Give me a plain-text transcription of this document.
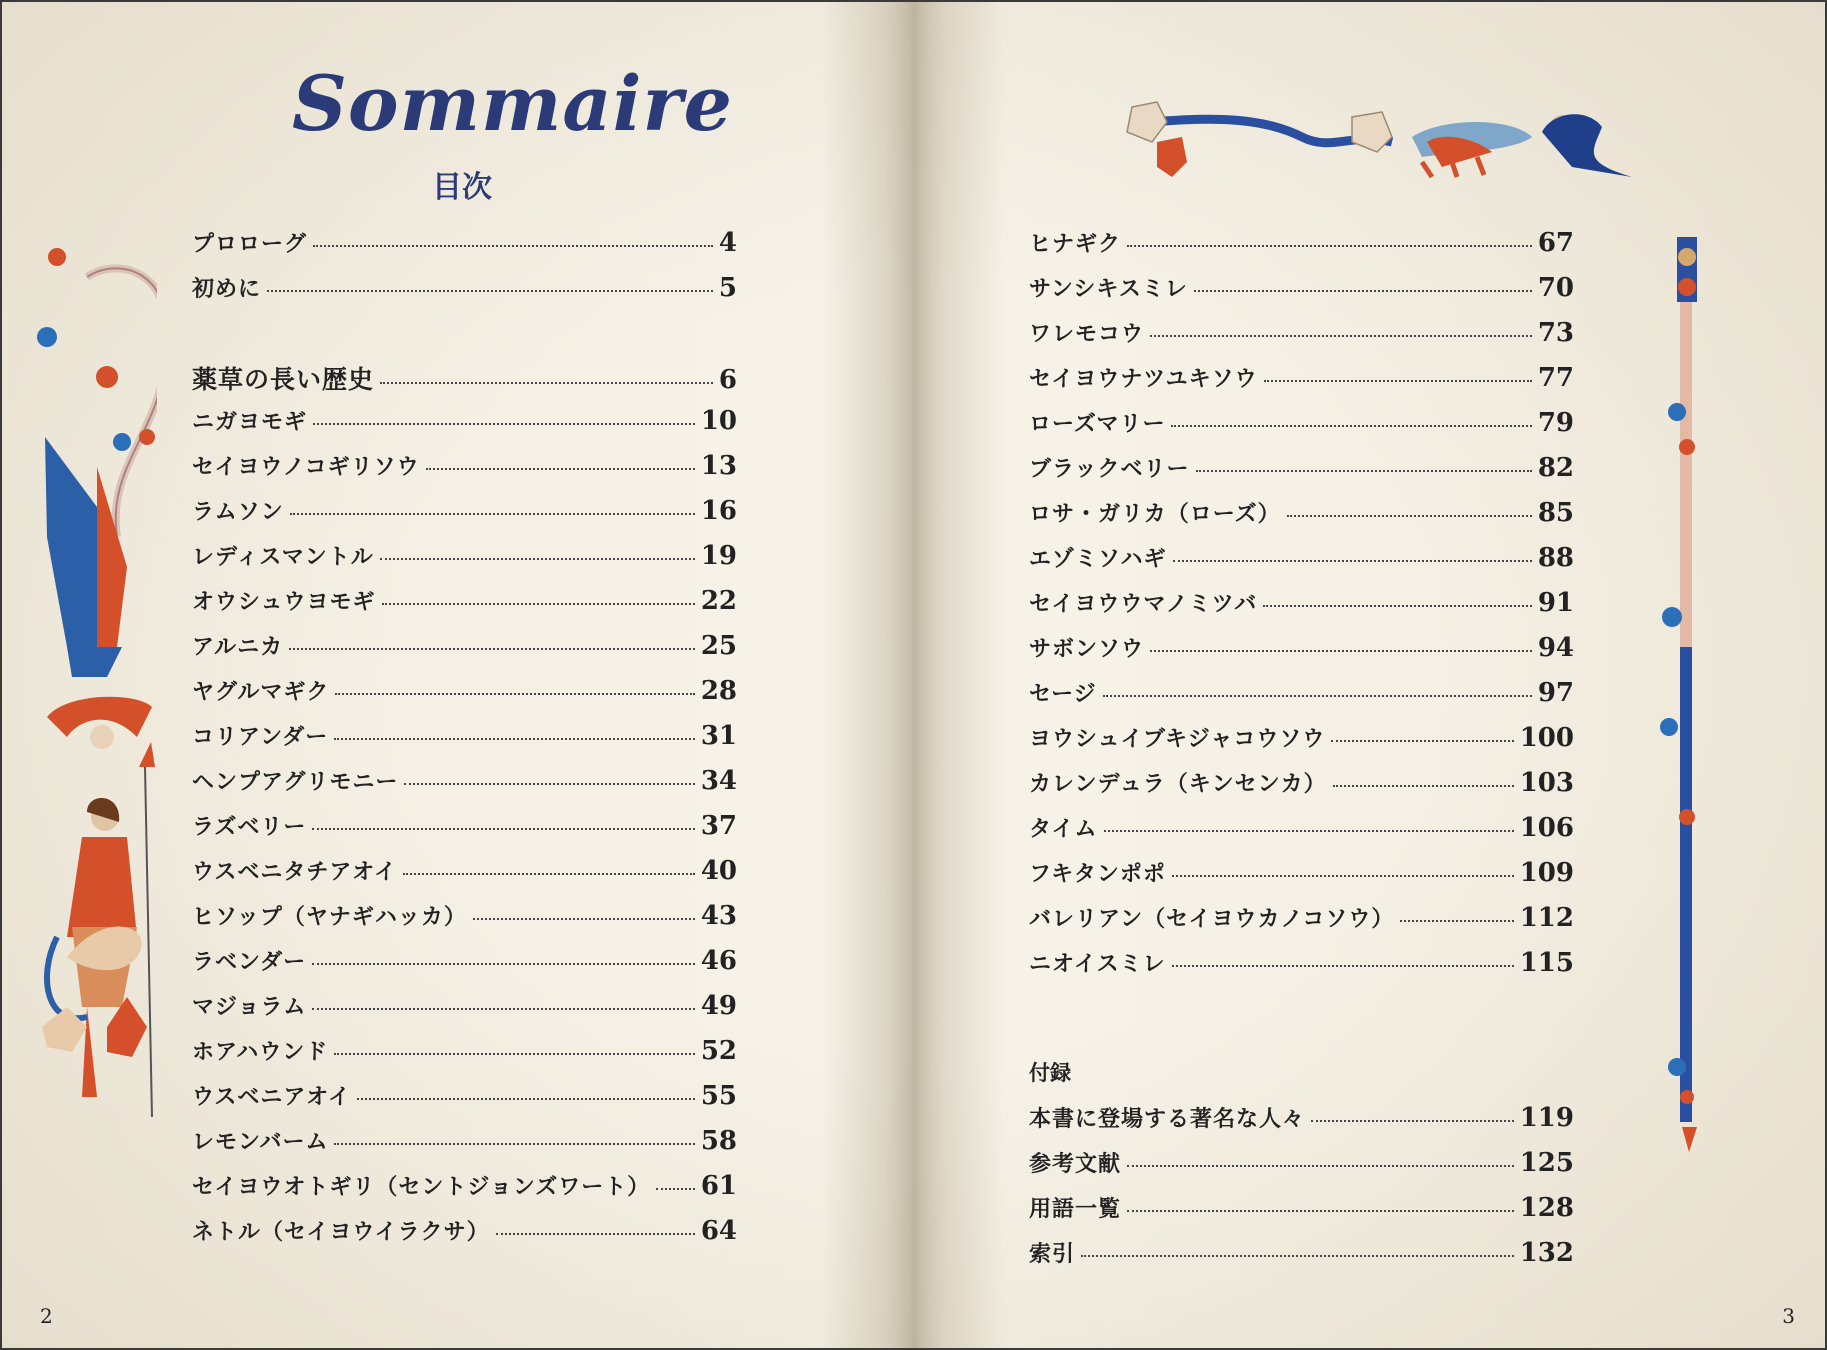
Sommaire
目次
プロローグ	4
初めに	5
薬草の長い歴史	6
ニガヨモギ	10
セイヨウノコギリソウ	13
ラムソン	16
レディスマントル	19
オウシュウヨモギ	22
アルニカ	25
ヤグルマギク	28
コリアンダー	31
ヘンプアグリモニー	34
ラズベリー	37
ウスベニタチアオイ	40
ヒソップ（ヤナギハッカ）	43
ラベンダー	46
マジョラム	49
ホアハウンド	52
ウスベニアオイ	55
レモンバーム	58
セイヨウオトギリ（セントジョンズワート） 61
ネトル（セイヨウイラクサ）	64
ヒナギク	67
サンシキスミレ	70
ワレモコウ	73
セイヨウナツユキソウ	77
ローズマリー	79
ブラックベリー	82
ロサ・ガリカ（ローズ）	85
エゾミソハギ	88
セイヨウウマノミツバ	91
サボンソウ	94
セージ	97
ヨウシュイブキジャコウソウ	100
カレンデュラ（キンセンカ）	103
タイム	106
フキタンポポ	109
バレリアン（セイヨウカノコソウ）	112
ニオイスミレ	115
付録
本書に登場する著名な人々	119
参考文献	125
用語一覧	128
索引	132
2	3
